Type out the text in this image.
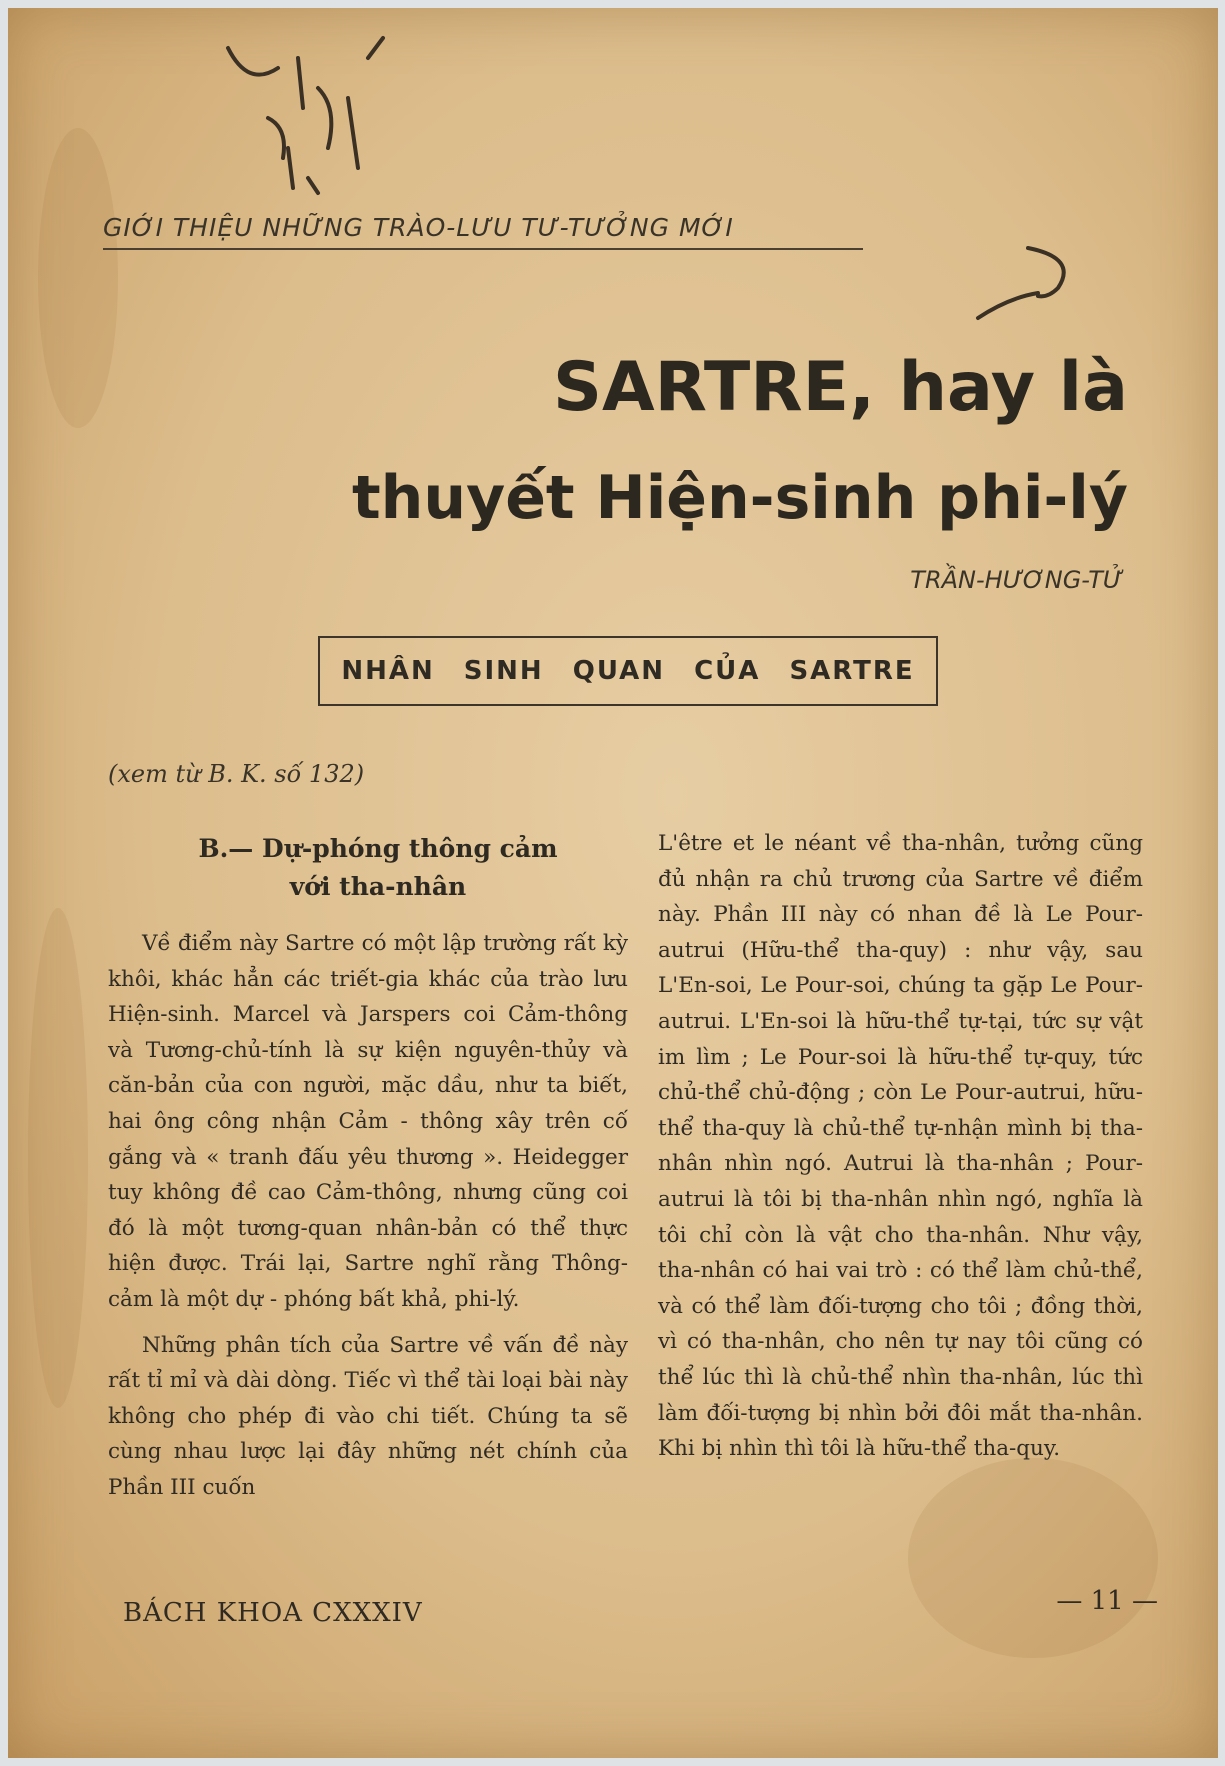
GIỚI THIỆU NHỮNG TRÀO-LƯU TƯ-TƯỞNG MỚI
SARTRE, hay là
thuyết Hiện-sinh phi-lý
TRẦN-HƯƠNG-TỬ
NHÂN SINH QUAN CỦA SARTRE
(xem từ B. K. số 132)
B.— Dự-phóng thông cảm
với tha-nhân

Về điểm này Sartre có một lập trường rất kỳ khôi, khác hẳn các triết-gia khác của trào lưu Hiện-sinh. Marcel và Jarspers coi Cảm-thông và Tương-chủ-tính là sự kiện nguyên-thủy và căn-bản của con người, mặc dầu, như ta biết, hai ông công nhận Cảm - thông xây trên cố gắng và « tranh đấu yêu thương ». Heidegger tuy không đề cao Cảm-thông, nhưng cũng coi đó là một tương-quan nhân-bản có thể thực hiện được. Trái lại, Sartre nghĩ rằng Thông-cảm là một dự - phóng bất khả, phi-lý.

Những phân tích của Sartre về vấn đề này rất tỉ mỉ và dài dòng. Tiếc vì thể tài loại bài này không cho phép đi vào chi tiết. Chúng ta sẽ cùng nhau lược lại đây những nét chính của Phần III cuốn

L'être et le néant về tha-nhân, tưởng cũng đủ nhận ra chủ trương của Sartre về điểm này. Phần III này có nhan đề là Le Pour-autrui (Hữu-thể tha-quy) : như vậy, sau L'En-soi, Le Pour-soi, chúng ta gặp Le Pour-autrui. L'En-soi là hữu-thể tự-tại, tức sự vật im lìm ; Le Pour-soi là hữu-thể tự-quy, tức chủ-thể chủ-động ; còn Le Pour-autrui, hữu-thể tha-quy là chủ-thể tự-nhận mình bị tha-nhân nhìn ngó. Autrui là tha-nhân ; Pour-autrui là tôi bị tha-nhân nhìn ngó, nghĩa là tôi chỉ còn là vật cho tha-nhân. Như vậy, tha-nhân có hai vai trò : có thể làm chủ-thể, và có thể làm đối-tượng cho tôi ; đồng thời, vì có tha-nhân, cho nên tự nay tôi cũng có thể lúc thì là chủ-thể nhìn tha-nhân, lúc thì làm đối-tượng bị nhìn bởi đôi mắt tha-nhân. Khi bị nhìn thì tôi là hữu-thể tha-quy.

BÁCH KHOA CXXXIV	— 11 —
